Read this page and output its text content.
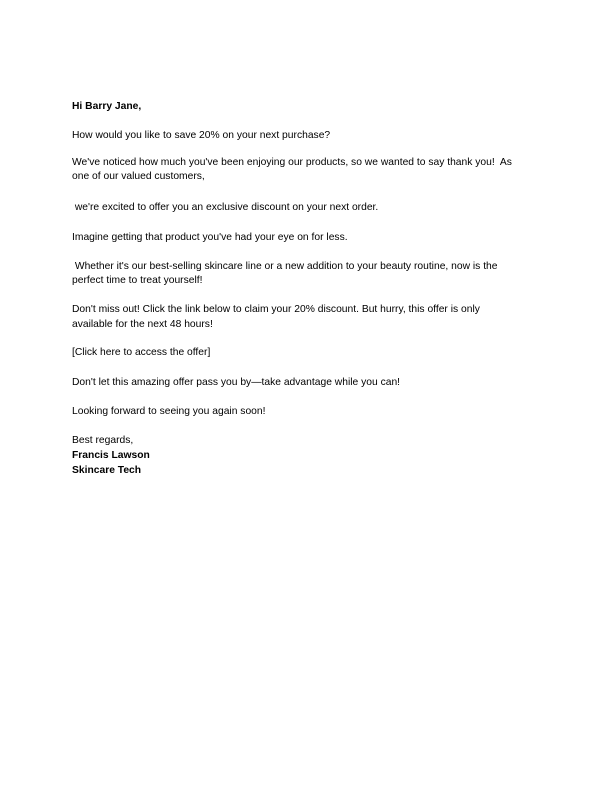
Hi Barry Jane,
How would you like to save 20% on your next purchase?
We've noticed how much you've been enjoying our products, so we wanted to say thank you!  As
one of our valued customers,
we're excited to offer you an exclusive discount on your next order.
Imagine getting that product you've had your eye on for less.
Whether it's our best-selling skincare line or a new addition to your beauty routine, now is the
perfect time to treat yourself!
Don't miss out! Click the link below to claim your 20% discount. But hurry, this offer is only
available for the next 48 hours!
[Click here to access the offer]
Don't let this amazing offer pass you by—take advantage while you can!
Looking forward to seeing you again soon!
Best regards,
Francis Lawson
Skincare Tech
